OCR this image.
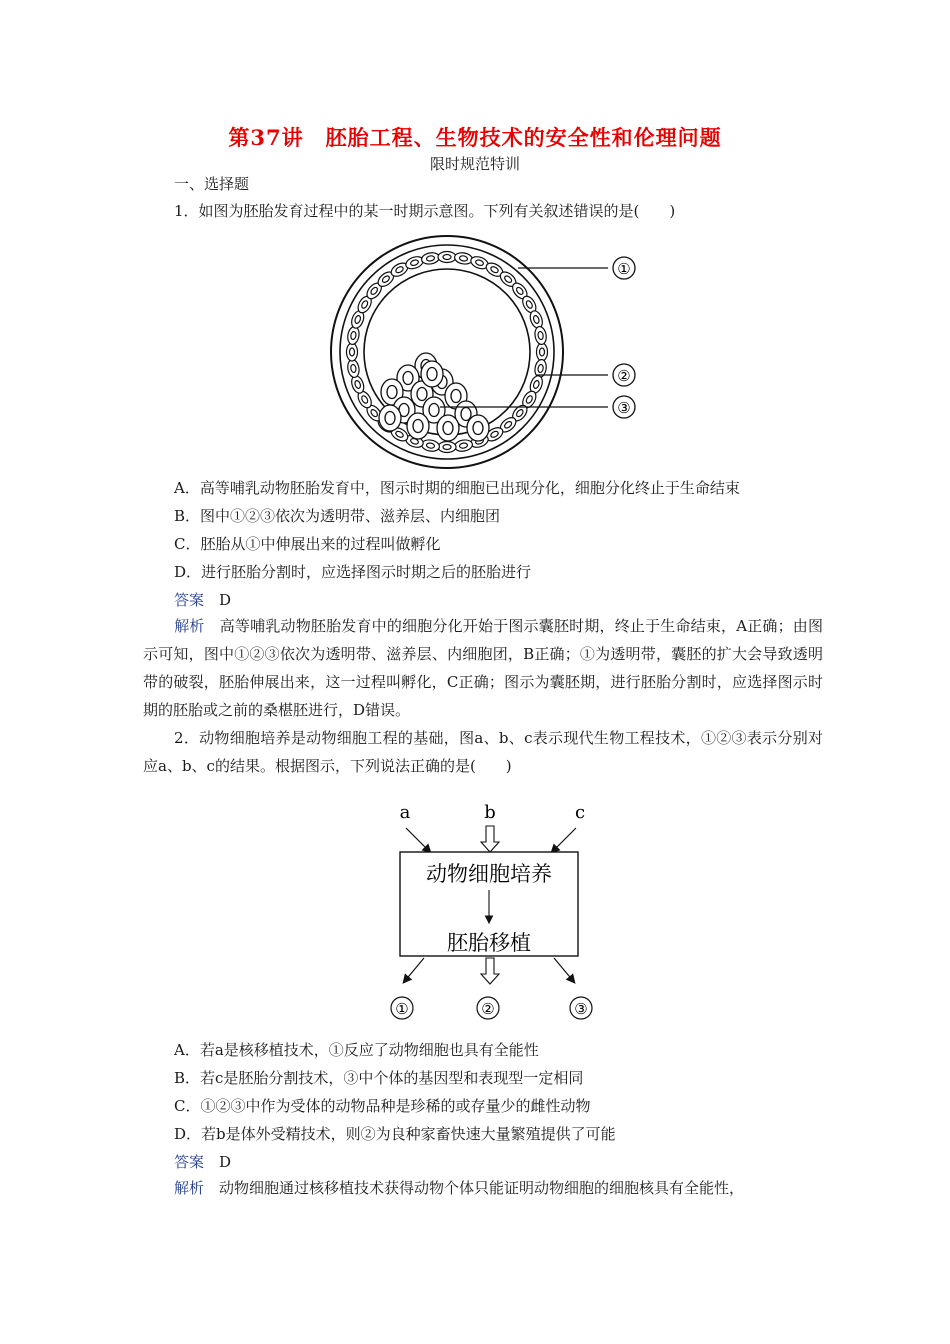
第37讲　胚胎工程、生物技术的安全性和伦理问题
限时规范特训
一、选择题
1．如图为胚胎发育过程中的某一时期示意图。下列有关叙述错误的是(　　)
①
②
③
A．高等哺乳动物胚胎发育中，图示时期的细胞已出现分化，细胞分化终止于生命结束
B．图中①②③依次为透明带、滋养层、内细胞团
C．胚胎从①中伸展出来的过程叫做孵化
D．进行胚胎分割时，应选择图示时期之后的胚胎进行
答案　 D
解析　 高等哺乳动物胚胎发育中的细胞分化开始于图示囊胚时期，终止于生命结束，A正确；由图示可知，图中①②③依次为透明带、滋养层、内细胞团，B正确；①为透明带，囊胚的扩大会导致透明带的破裂，胚胎伸展出来，这一过程叫孵化，C正确；图示为囊胚期，进行胚胎分割时，应选择图示时期的胚胎或之前的桑椹胚进行，D错误。
2．动物细胞培养是动物细胞工程的基础，图a、b、c表示现代生物工程技术，①②③表示分别对应a、b、c的结果。根据图示，下列说法正确的是(　　)
a	b	c
动物细胞培养
胚胎移植
①	②	③
A．若a是核移植技术，①反应了动物细胞也具有全能性
B．若c是胚胎分割技术，③中个体的基因型和表现型一定相同
C．①②③中作为受体的动物品种是珍稀的或存量少的雌性动物
D．若b是体外受精技术，则②为良种家畜快速大量繁殖提供了可能
答案　 D
解析　 动物细胞通过核移植技术获得动物个体只能证明动物细胞的细胞核具有全能性，
